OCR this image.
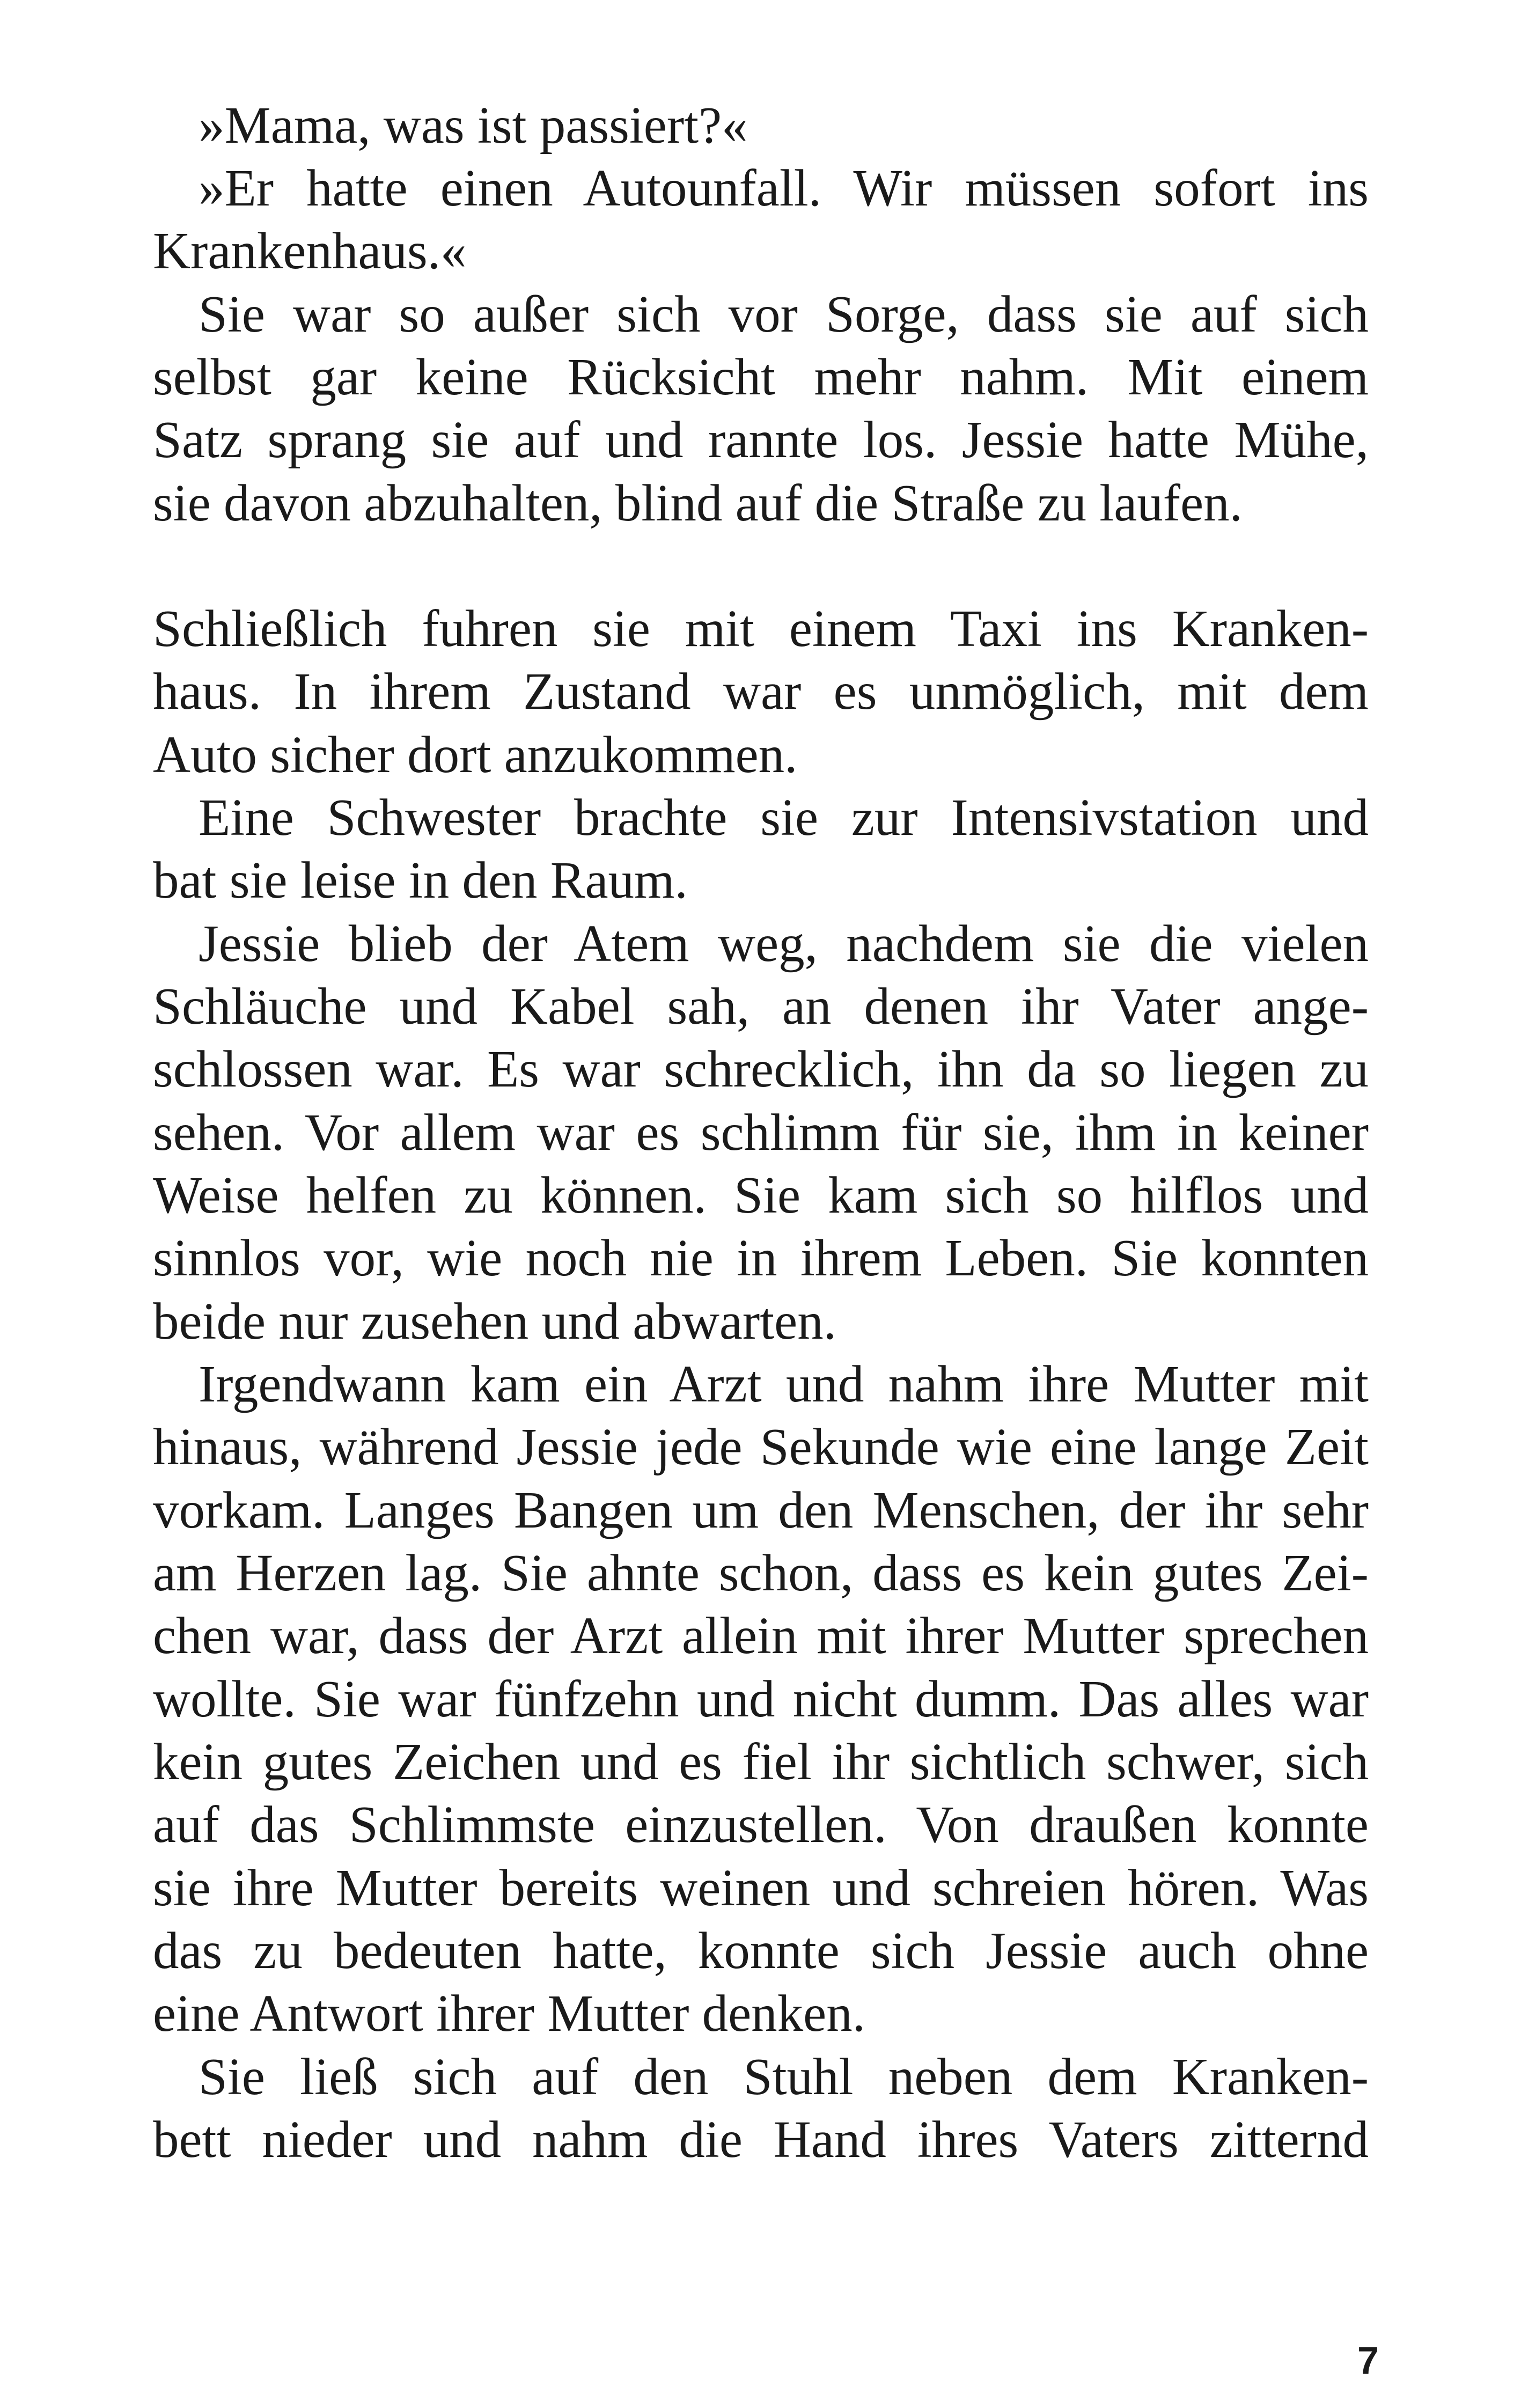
»Mama, was ist passiert?«
»Er hatte einen Autounfall. Wir müssen sofort ins
Krankenhaus.«
Sie war so außer sich vor Sorge, dass sie auf sich
selbst gar keine Rücksicht mehr nahm. Mit einem
Satz sprang sie auf und rannte los. Jessie hatte Mühe,
sie davon abzuhalten, blind auf die Straße zu laufen.
Schließlich fuhren sie mit einem Taxi ins Kranken-
haus. In ihrem Zustand war es unmöglich, mit dem
Auto sicher dort anzukommen.
Eine Schwester brachte sie zur Intensivstation und
bat sie leise in den Raum.
Jessie blieb der Atem weg, nachdem sie die vielen
Schläuche und Kabel sah, an denen ihr Vater ange-
schlossen war. Es war schrecklich, ihn da so liegen zu
sehen. Vor allem war es schlimm für sie, ihm in keiner
Weise helfen zu können. Sie kam sich so hilflos und
sinnlos vor, wie noch nie in ihrem Leben. Sie konnten
beide nur zusehen und abwarten.
Irgendwann kam ein Arzt und nahm ihre Mutter mit
hinaus, während Jessie jede Sekunde wie eine lange Zeit
vorkam. Langes Bangen um den Menschen, der ihr sehr
am Herzen lag. Sie ahnte schon, dass es kein gutes Zei-
chen war, dass der Arzt allein mit ihrer Mutter sprechen
wollte. Sie war fünfzehn und nicht dumm. Das alles war
kein gutes Zeichen und es fiel ihr sichtlich schwer, sich
auf das Schlimmste einzustellen. Von draußen konnte
sie ihre Mutter bereits weinen und schreien hören. Was
das zu bedeuten hatte, konnte sich Jessie auch ohne
eine Antwort ihrer Mutter denken.
Sie ließ sich auf den Stuhl neben dem Kranken-
bett nieder und nahm die Hand ihres Vaters zitternd
7
